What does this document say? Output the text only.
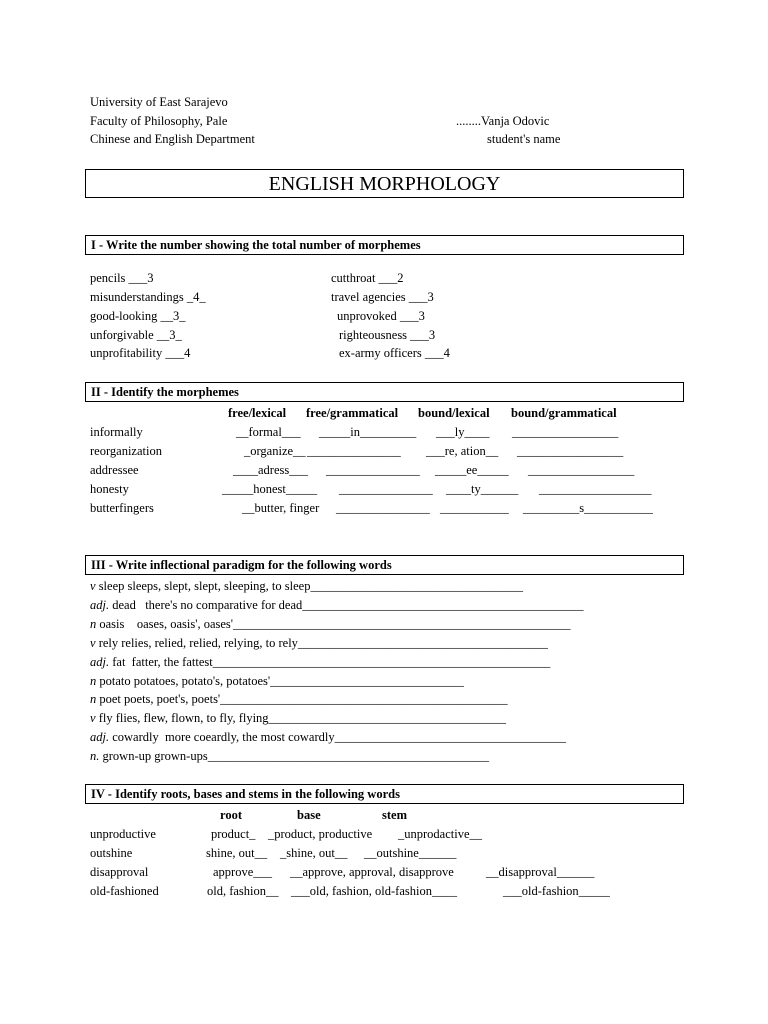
University of East Sarajevo
Faculty of Philosophy, Pale
Chinese and English Department
........Vanja Odovic
student's name
ENGLISH MORPHOLOGY
I - Write the number showing the total number of morphemes
pencils ___3
misunderstandings _4_
good-looking __3_
unforgivable __3_
unprofitability ___4
cutthroat ___2
travel agencies ___3
unprovoked ___3
righteousness ___3
ex-army officers ___4
II - Identify the morphemes
free/lexical free/grammatical bound/lexical bound/grammatical
informally	__formal___ _____in_________ ___ly____ _________________
reorganization	_organize__ _______________ ___re, ation__ _________________
addressee	____adress___ _______________ _____ee_____ _________________
honesty	_____honest_____ _______________ ____ty______ __________________
butterfingers	__butter, finger _______________ ___________ _________s___________
III - Write inflectional paradigm for the following words
v sleep sleeps, slept, slept, sleeping, to sleep__________________________________
adj. dead   there's no comparative for dead_____________________________________________
n oasis    oases, oasis', oases'______________________________________________________
v rely relies, relied, relied, relying, to rely________________________________________
adj. fat  fatter, the fattest______________________________________________________
n potato potatoes, potato's, potatoes'_______________________________
n poet poets, poet's, poets'______________________________________________
v fly flies, flew, flown, to fly, flying______________________________________
adj. cowardly  more coeardly, the most cowardly_____________________________________
n. grown-up grown-ups_____________________________________________
IV - Identify roots, bases and stems in the following words
root	base	stem
unproductive	product_ _product, productive _unprodactive__
outshine	shine, out__ _shine, out__ __outshine______
disapproval	approve___ __approve, approval, disapprove	__disapproval______
old-fashioned	old, fashion__ ___old, fashion, old-fashion____	___old-fashion_____
